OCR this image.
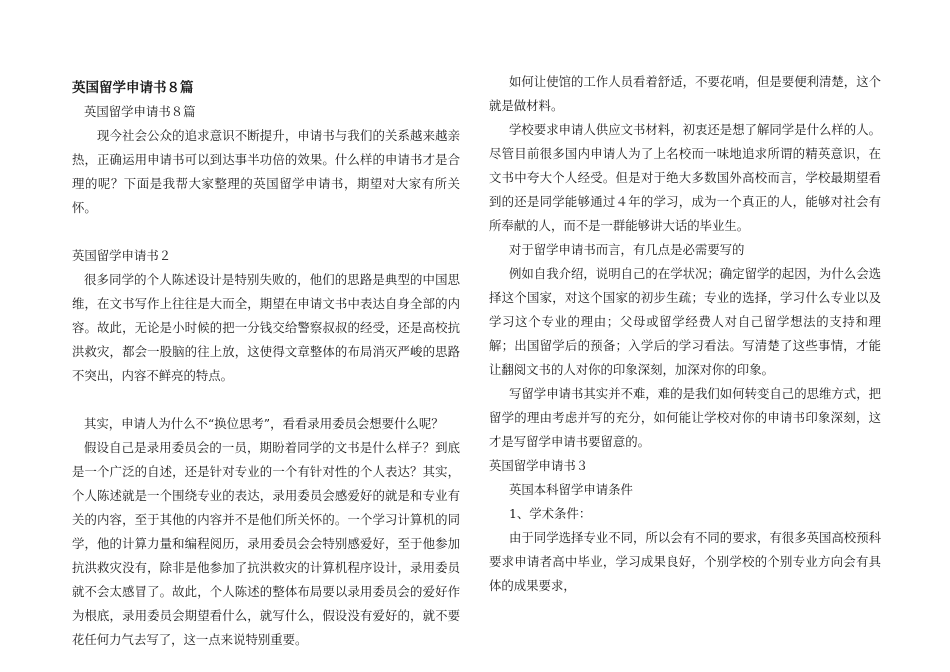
英国留学申请书８篇

英国留学申请书８篇

现今社会公众的追求意识不断提升，申请书与我们的关系越来越亲热，正确运用申请书可以到达事半功倍的效果。什么样的申请书才是合理的呢？下面是我帮大家整理的英国留学申请书，期望对大家有所关怀。

英国留学申请书２

很多同学的个人陈述设计是特别失败的，他们的思路是典型的中国思维，在文书写作上往往是大而全，期望在申请文书中表达自身全部的内容。故此，无论是小时候的把一分钱交给警察叔叔的经受，还是高校抗洪救灾，都会一股脑的往上放，这使得文章整体的布局消灭严峻的思路不突出，内容不鲜亮的特点。

其实，申请人为什么不“换位思考”，看看录用委员会想要什么呢？

假设自己是录用委员会的一员，期盼着同学的文书是什么样子？到底是一个广泛的自述，还是针对专业的一个有针对性的个人表达？其实，个人陈述就是一个围绕专业的表达，录用委员会感爱好的就是和专业有关的内容，至于其他的内容并不是他们所关怀的。一个学习计算机的同学，他的计算力量和编程阅历，录用委员会会特别感爱好，至于他参加抗洪救灾没有，除非是他参加了抗洪救灾的计算机程序设计，录用委员就不会太感冒了。故此，个人陈述的整体布局要以录用委员会的爱好作为根底，录用委员会期望看什么，就写什么，假设没有爱好的，就不要花任何力气去写了，这一点来说特别重要。

如何让使馆的工作人员看着舒适，不要花哨，但是要便利清楚，这个就是做材料。

学校要求申请人供应文书材料，初衷还是想了解同学是什么样的人。尽管目前很多国内申请人为了上名校而一味地追求所谓的精英意识，在文书中夸大个人经受。但是对于绝大多数国外高校而言，学校最期望看到的还是同学能够通过４年的学习，成为一个真正的人，能够对社会有所奉献的人，而不是一群能够讲大话的毕业生。

对于留学申请书而言，有几点是必需要写的

例如自我介绍，说明自己的在学状况；确定留学的起因，为什么会选择这个国家，对这个国家的初步生疏；专业的选择，学习什么专业以及学习这个专业的理由；父母或留学经费人对自己留学想法的支持和理解；出国留学后的预备；入学后的学习看法。写清楚了这些事情，才能让翻阅文书的人对你的印象深刻，加深对你的印象。

写留学申请书其实并不难，难的是我们如何转变自己的思维方式，把留学的理由考虑并写的充分，如何能让学校对你的申请书印象深刻，这才是写留学申请书要留意的。

英国留学申请书３

英国本科留学申请条件

1、学术条件：

由于同学选择专业不同，所以会有不同的要求，有很多英国高校预科要求申请者高中毕业，学习成果良好，个别学校的个别专业方向会有具体的成果要求，
